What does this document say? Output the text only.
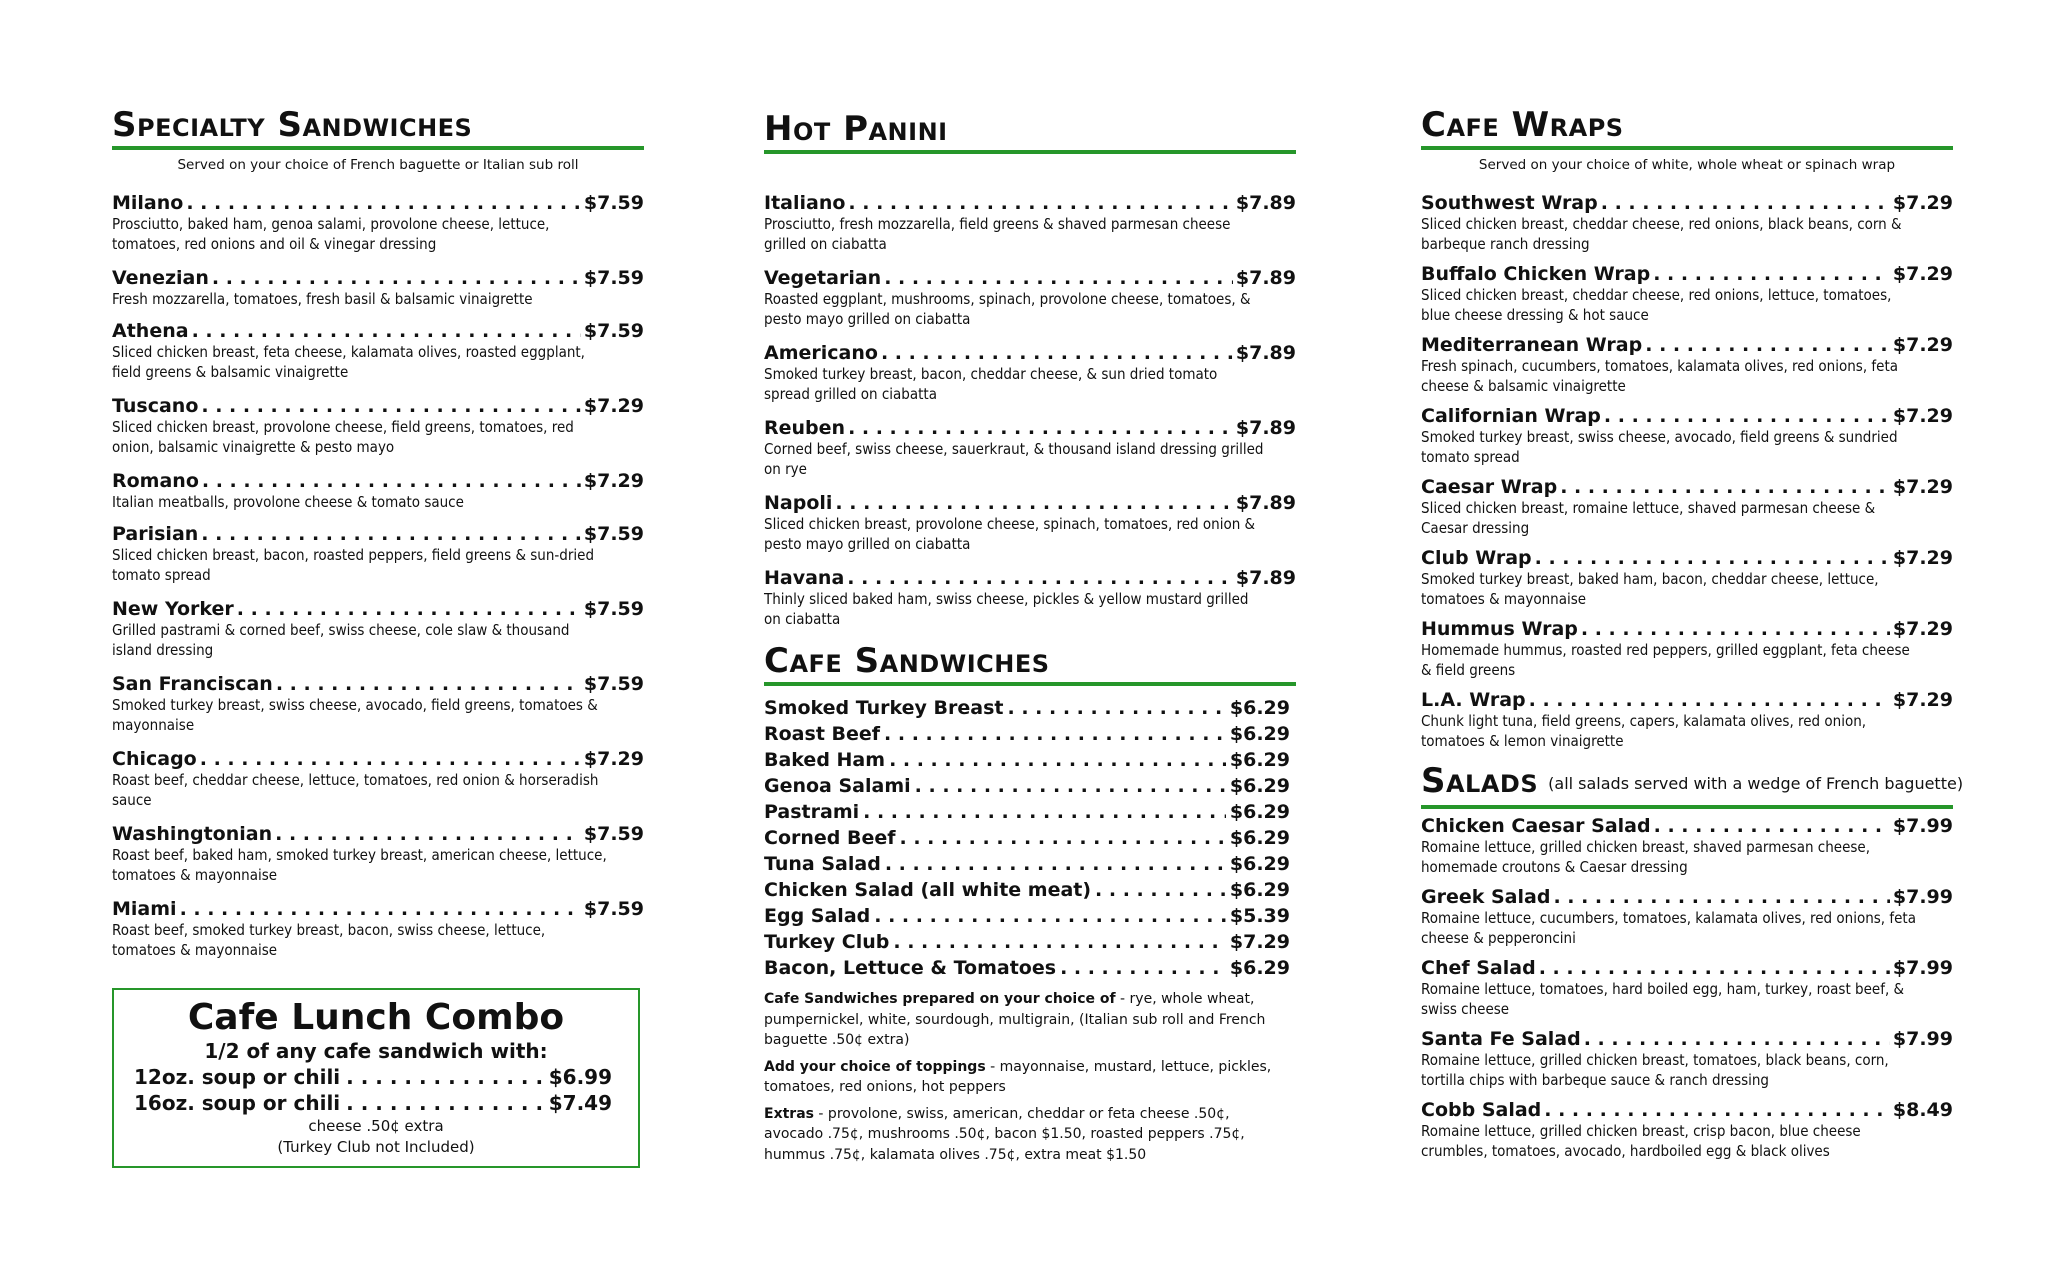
Specialty Sandwiches
Served on your choice of French baguette or Italian sub roll
Milano . . .	$7.59
Prosciutto, baked ham, genoa salami, provolone cheese, lettuce, tomatoes, red onions and oil & vinegar dressing
Venezian . . .	$7.59
Fresh mozzarella, tomatoes, fresh basil & balsamic vinaigrette
Athena . . .	$7.59
Sliced chicken breast, feta cheese, kalamata olives, roasted eggplant, field greens & balsamic vinaigrette
Tuscano . . .	$7.29
Sliced chicken breast, provolone cheese, field greens, tomatoes, red onion, balsamic vinaigrette & pesto mayo
Romano . . .	$7.29
Italian meatballs, provolone cheese & tomato sauce
Parisian . . .	$7.59
Sliced chicken breast, bacon, roasted peppers, field greens & sun-dried tomato spread
New Yorker . . .	$7.59
Grilled pastrami & corned beef, swiss cheese, cole slaw & thousand island dressing
San Franciscan . . .	$7.59
Smoked turkey breast, swiss cheese, avocado, field greens, tomatoes & mayonnaise
Chicago . . .	$7.29
Roast beef, cheddar cheese, lettuce, tomatoes, red onion & horseradish sauce
Washingtonian . . .	$7.59
Roast beef, baked ham, smoked turkey breast, american cheese, lettuce, tomatoes & mayonnaise
Miami . . .	$7.59
Roast beef, smoked turkey breast, bacon, swiss cheese, lettuce, tomatoes & mayonnaise
Cafe Lunch Combo
1/2 of any cafe sandwich with:
12oz. soup or chili . . .	$6.99
16oz. soup or chili . . .	$7.49
cheese .50¢ extra
(Turkey Club not Included)
Hot Panini
Italiano . . .	$7.89
Prosciutto, fresh mozzarella, field greens & shaved parmesan cheese grilled on ciabatta
Vegetarian . . .	$7.89
Roasted eggplant, mushrooms, spinach, provolone cheese, tomatoes, & pesto mayo grilled on ciabatta
Americano . . .	$7.89
Smoked turkey breast, bacon, cheddar cheese, & sun dried tomato spread grilled on ciabatta
Reuben . . .	$7.89
Corned beef, swiss cheese, sauerkraut, & thousand island dressing grilled on rye
Napoli . . .	$7.89
Sliced chicken breast, provolone cheese, spinach, tomatoes, red onion & pesto mayo grilled on ciabatta
Havana . . .	$7.89
Thinly sliced baked ham, swiss cheese, pickles & yellow mustard grilled on ciabatta
Cafe Sandwiches
Smoked Turkey Breast . . .	$6.29
Roast Beef . . .	$6.29
Baked Ham . . .	$6.29
Genoa Salami . . .	$6.29
Pastrami . . .	$6.29
Corned Beef . . .	$6.29
Tuna Salad . . .	$6.29
Chicken Salad (all white meat) . . .	$6.29
Egg Salad . . .	$5.39
Turkey Club . . .	$7.29
Bacon, Lettuce & Tomatoes . . .	$6.29

Cafe Sandwiches prepared on your choice of - rye, whole wheat, pumpernickel, white, sourdough, multigrain, (Italian sub roll and French baguette .50¢ extra)

Add your choice of toppings - mayonnaise, mustard, lettuce, pickles, tomatoes, red onions, hot peppers

Extras - provolone, swiss, american, cheddar or feta cheese .50¢, avocado .75¢, mushrooms .50¢, bacon $1.50, roasted peppers .75¢, hummus .75¢, kalamata olives .75¢, extra meat $1.50

Cafe Wraps
Served on your choice of white, whole wheat or spinach wrap
Southwest Wrap . . .	$7.29
Sliced chicken breast, cheddar cheese, red onions, black beans, corn & barbeque ranch dressing
Buffalo Chicken Wrap . . .	$7.29
Sliced chicken breast, cheddar cheese, red onions, lettuce, tomatoes, blue cheese dressing & hot sauce
Mediterranean Wrap . . .	$7.29
Fresh spinach, cucumbers, tomatoes, kalamata olives, red onions, feta cheese & balsamic vinaigrette
Californian Wrap . . .	$7.29
Smoked turkey breast, swiss cheese, avocado, field greens & sundried tomato spread
Caesar Wrap . . .	$7.29
Sliced chicken breast, romaine lettuce, shaved parmesan cheese & Caesar dressing
Club Wrap . . .	$7.29
Smoked turkey breast, baked ham, bacon, cheddar cheese, lettuce, tomatoes & mayonnaise
Hummus Wrap . . .	$7.29
Homemade hummus, roasted red peppers, grilled eggplant, feta cheese & field greens
L.A. Wrap . . .	$7.29
Chunk light tuna, field greens, capers, kalamata olives, red onion, tomatoes & lemon vinaigrette
Salads (all salads served with a wedge of French baguette)
Chicken Caesar Salad . . .	$7.99
Romaine lettuce, grilled chicken breast, shaved parmesan cheese, homemade croutons & Caesar dressing
Greek Salad . . .	$7.99
Romaine lettuce, cucumbers, tomatoes, kalamata olives, red onions, feta cheese & pepperoncini
Chef Salad . . .	$7.99
Romaine lettuce, tomatoes, hard boiled egg, ham, turkey, roast beef, & swiss cheese
Santa Fe Salad . . .	$7.99
Romaine lettuce, grilled chicken breast, tomatoes, black beans, corn, tortilla chips with barbeque sauce & ranch dressing
Cobb Salad . . .	$8.49
Romaine lettuce, grilled chicken breast, crisp bacon, blue cheese crumbles, tomatoes, avocado, hardboiled egg & black olives
